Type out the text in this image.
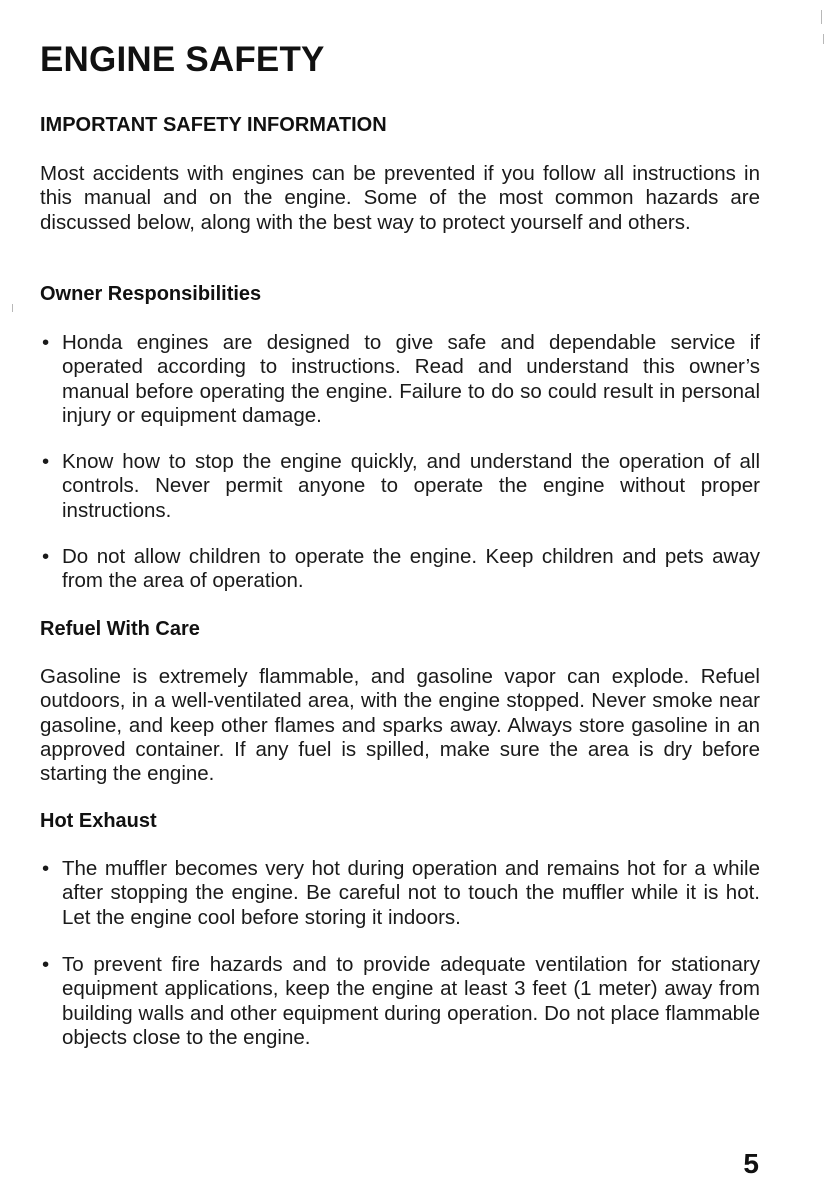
ENGINE SAFETY
IMPORTANT SAFETY INFORMATION

Most accidents with engines can be prevented if you follow all instructions in this manual and on the engine. Some of the most common hazards are discussed below, along with the best way to protect yourself and others.

Owner Responsibilities
• Honda engines are designed to give safe and dependable service if operated according to instructions. Read and understand this owner’s manual before operating the engine. Failure to do so could result in personal injury or equipment damage.
• Know how to stop the engine quickly, and understand the operation of all controls. Never permit anyone to operate the engine without proper instructions.
• Do not allow children to operate the engine. Keep children and pets away from the area of operation.
Refuel With Care

Gasoline is extremely flammable, and gasoline vapor can explode. Refuel outdoors, in a well-ventilated area, with the engine stopped. Never smoke near gasoline, and keep other flames and sparks away. Always store gasoline in an approved container. If any fuel is spilled, make sure the area is dry before starting the engine.

Hot Exhaust
• The muffler becomes very hot during operation and remains hot for a while after stopping the engine. Be careful not to touch the muffler while it is hot. Let the engine cool before storing it indoors.
• To prevent fire hazards and to provide adequate ventilation for stationary equipment applications, keep the engine at least 3 feet (1 meter) away from building walls and other equipment during operation. Do not place flammable objects close to the engine.

5
